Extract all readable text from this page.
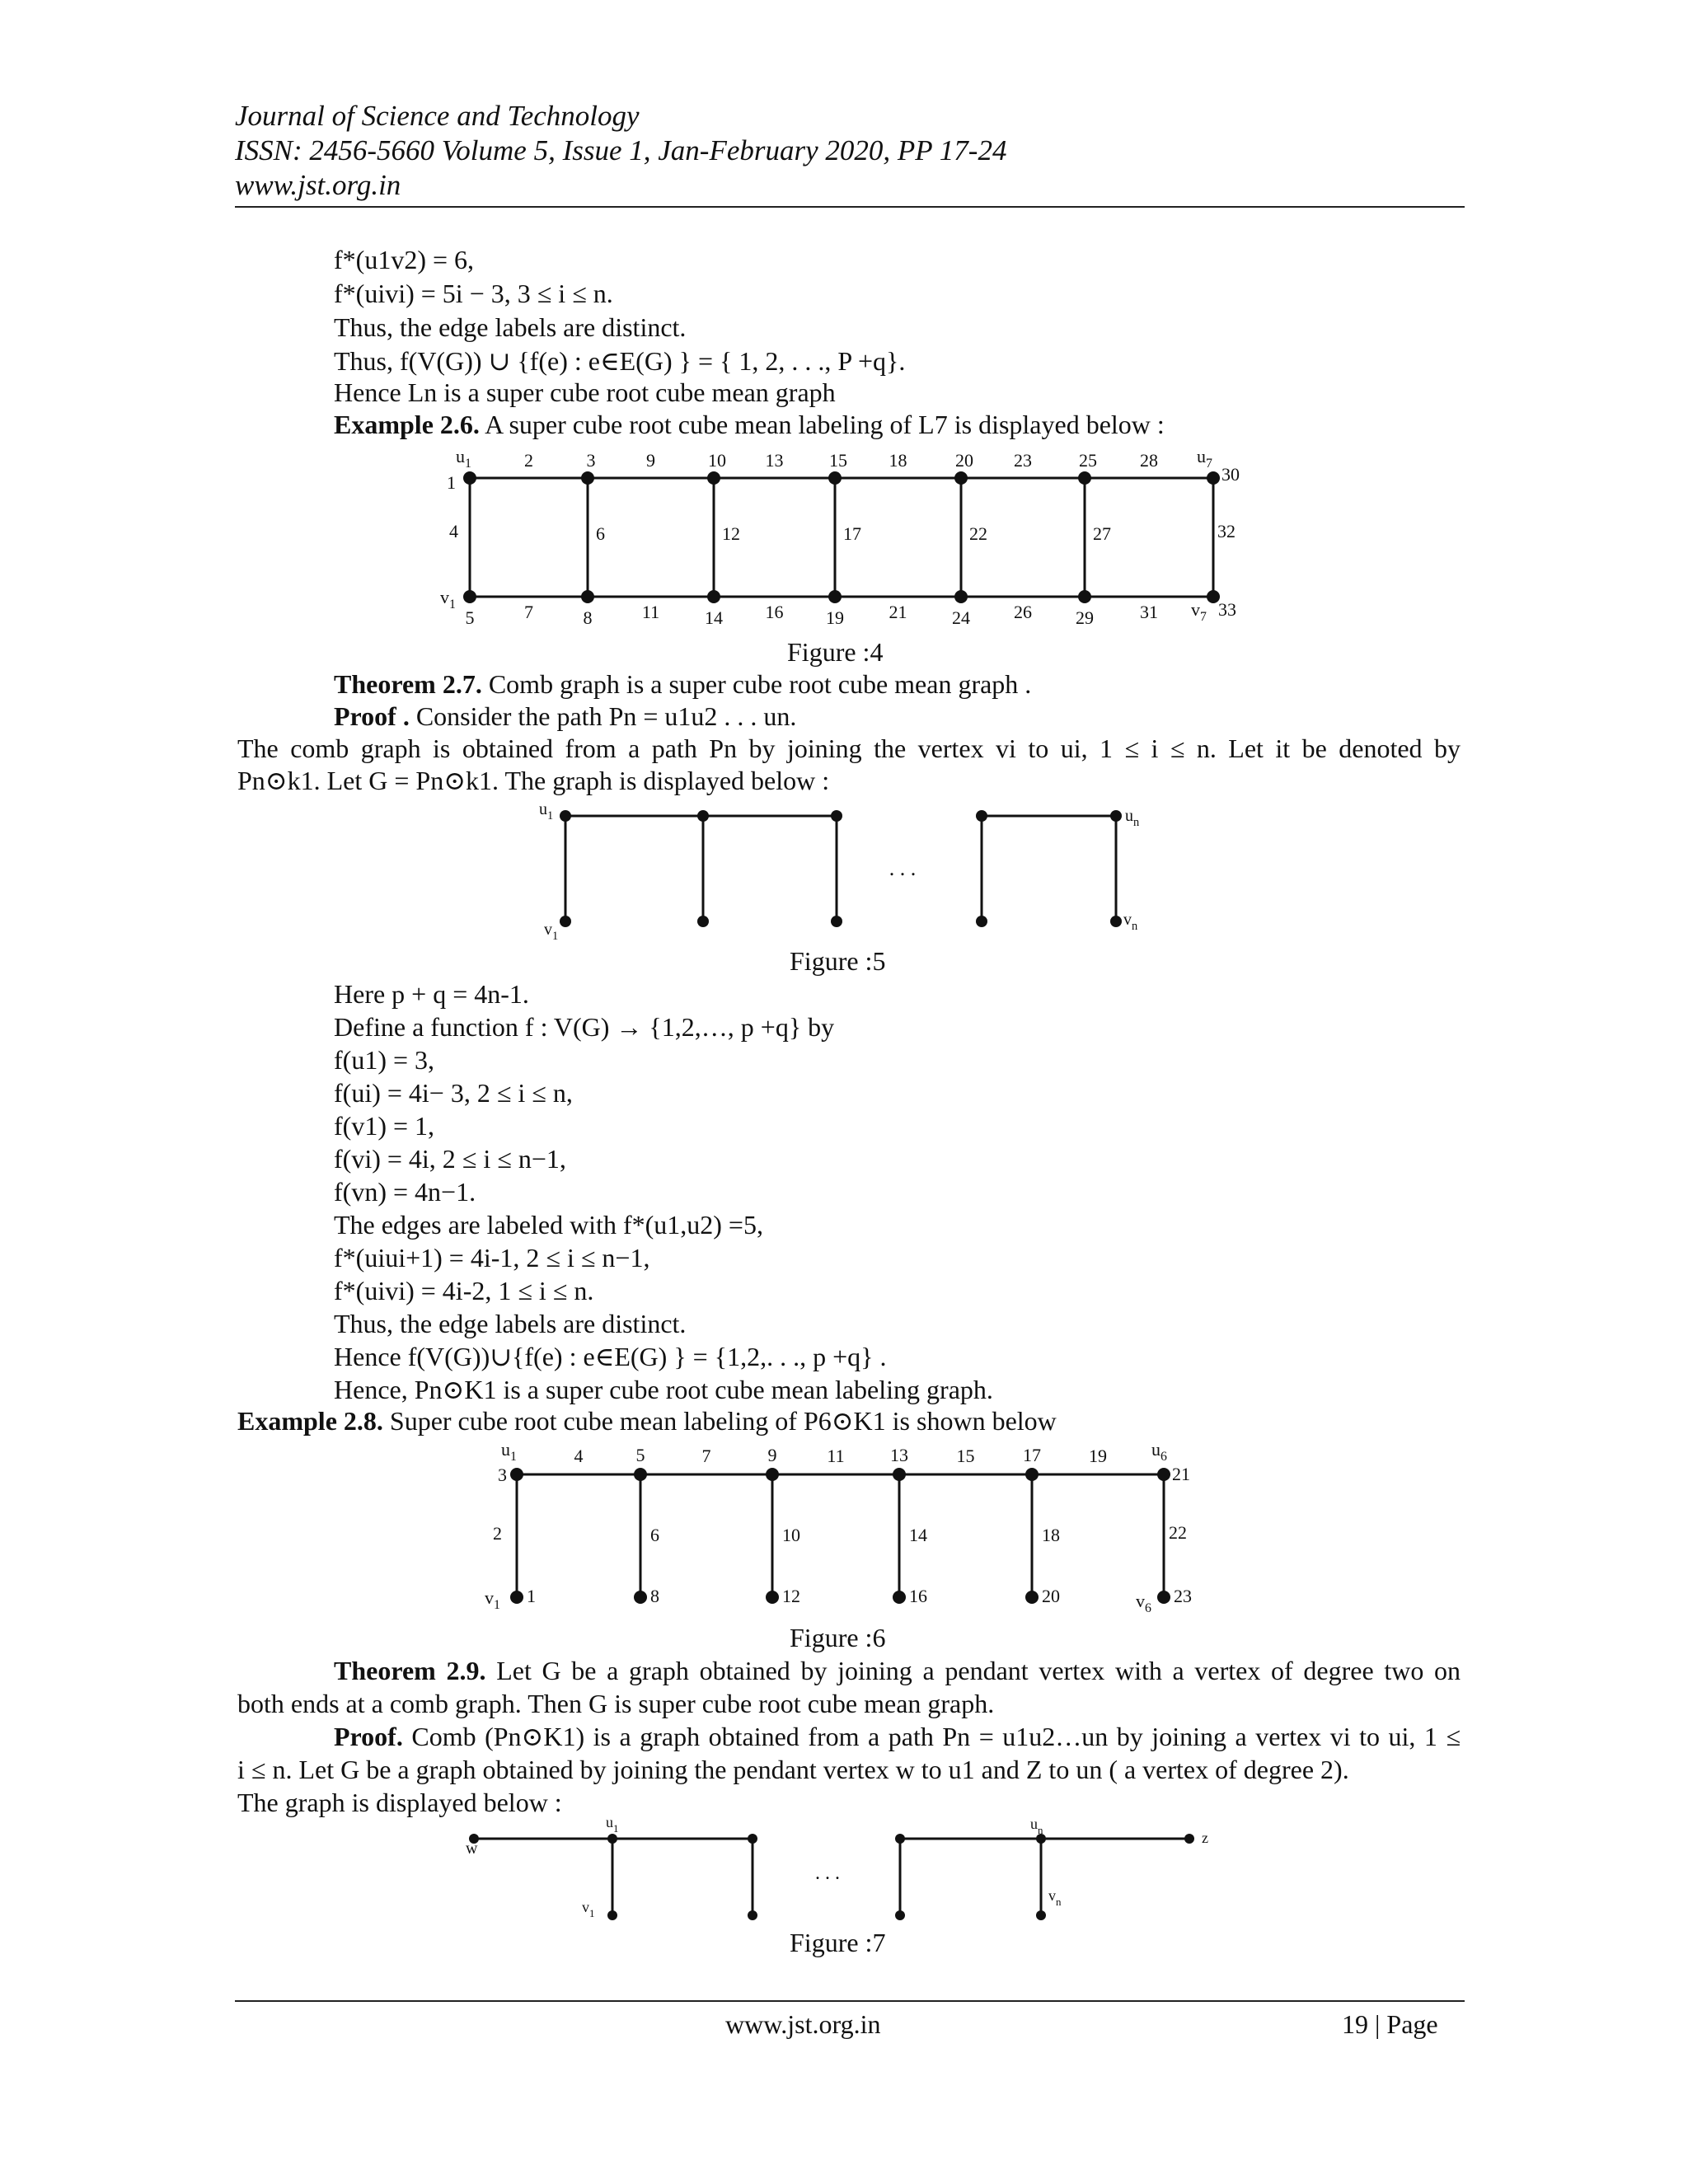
Journal of Science and Technology
ISSN: 2456-5660 Volume 5, Issue 1, Jan-February 2020, PP 17-24
www.jst.org.in
f*(u1v2) = 6,
f*(uivi) = 5i − 3, 3 ≤ i ≤ n.
Thus, the edge labels are distinct.
Thus, f(V(G)) ∪ {f(e) : e∈E(G) } = { 1, 2, . . ., P +q}.
Hence Ln is a super cube root cube mean graph
Example 2.6. A super cube root cube mean labeling of L7 is displayed below :
1
3	10	15	20	25
30
5	8	14	19	24	29	33
2	9	13	18	23	28
7	11	16	21	26	31
4	6	12	17	22	27	32
$u_1$	$u_7$
$v_1$	$v_7$
$u_1$	$u_n$
$v_1$
$v_n$
. . .
3
5	9	13	17
21
1	8	12	16	20	23
4	7	11	15	19
2	6	10	14	18	22
$u_1$	$u_6$
$v_1$	$v_6$
w
$u_1$	$u_n$	z
$v_1$
$v_n$
. . .
Figure :4
Theorem 2.7. Comb graph is a super cube root cube mean graph .
Proof . Consider the path Pn = u1u2 . . . un.
The comb graph is obtained from a path Pn by joining the vertex vi to ui, 1 ≤ i ≤ n. Let it be denoted by
Pn⊙k1. Let G = Pn⊙k1. The graph is displayed below :
Figure :5
Here p + q = 4n-1.
Define a function f : V(G) → {1,2,…, p +q} by
f(u1) = 3,
f(ui) = 4i− 3, 2 ≤ i ≤ n,
f(v1) = 1,
f(vi) = 4i, 2 ≤ i ≤ n−1,
f(vn) = 4n−1.
The edges are labeled with f*(u1,u2) =5,
f*(uiui+1) = 4i-1, 2 ≤ i ≤ n−1,
f*(uivi) = 4i-2, 1 ≤ i ≤ n.
Thus, the edge labels are distinct.
Hence f(V(G))∪{f(e) : e∈E(G) } = {1,2,. . ., p +q} .
Hence, Pn⊙K1 is a super cube root cube mean labeling graph.
Example 2.8. Super cube root cube mean labeling of P6⊙K1 is shown below
Figure :6
Theorem 2.9. Let G be a graph obtained by joining a pendant vertex with a vertex of degree two on
both ends at a comb graph. Then G is super cube root cube mean graph.
Proof. Comb (Pn⊙K1) is a graph obtained from a path Pn = u1u2…un by joining a vertex vi to ui, 1 ≤
i ≤ n. Let G be a graph obtained by joining the pendant vertex w to u1 and Z to un ( a vertex of degree 2).
The graph is displayed below :
Figure :7
www.jst.org.in	19 | Page
